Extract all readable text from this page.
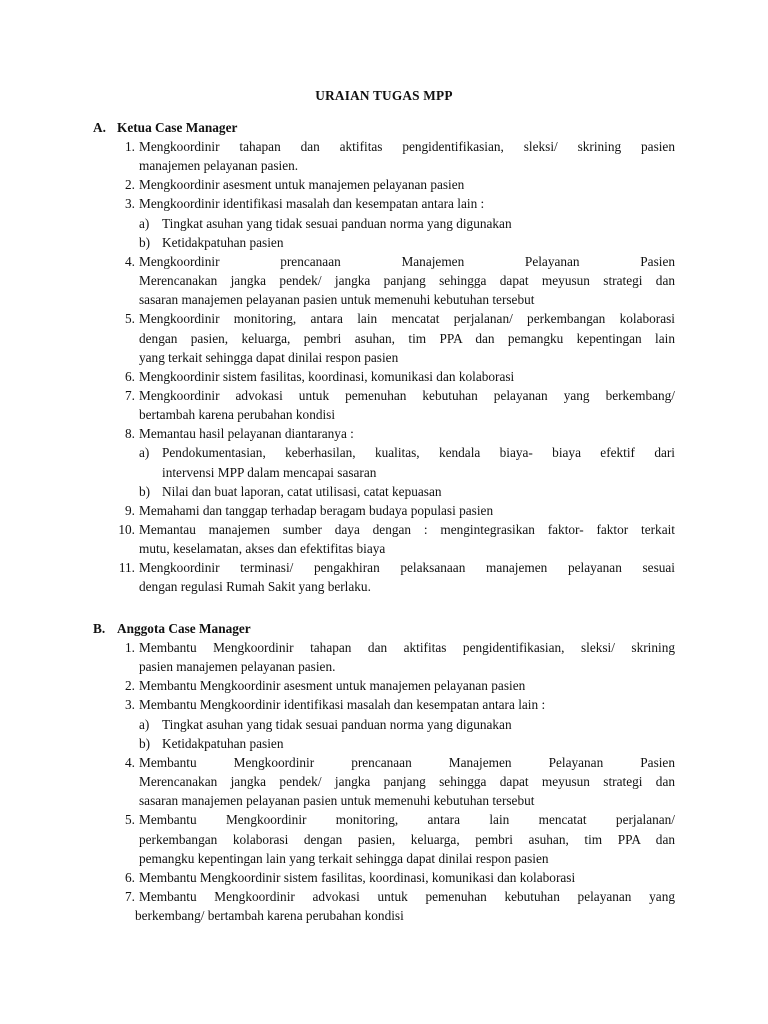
URAIAN TUGAS MPP
A. Ketua Case Manager
1. Mengkoordinir tahapan dan aktifitas pengidentifikasian, sleksi/ skrining pasien
manajemen pelayanan pasien.
2. Mengkoordinir asesment untuk manajemen pelayanan pasien
3. Mengkoordinir identifikasi masalah dan kesempatan antara lain :
a) Tingkat asuhan yang tidak sesuai panduan norma yang digunakan
b) Ketidakpatuhan pasien
4. Mengkoordinir prencanaan Manajemen Pelayanan Pasien
Merencanakan jangka pendek/ jangka panjang sehingga dapat meyusun strategi dan
sasaran manajemen pelayanan pasien untuk memenuhi kebutuhan tersebut
5. Mengkoordinir monitoring, antara lain mencatat perjalanan/ perkembangan kolaborasi
dengan pasien, keluarga, pembri asuhan, tim PPA dan pemangku kepentingan lain
yang terkait sehingga dapat dinilai respon pasien
6. Mengkoordinir sistem fasilitas, koordinasi, komunikasi dan kolaborasi
7. Mengkoordinir advokasi untuk pemenuhan kebutuhan pelayanan yang berkembang/
bertambah karena perubahan kondisi
8. Memantau hasil pelayanan diantaranya :
a) Pendokumentasian, keberhasilan, kualitas, kendala biaya- biaya efektif dari
intervensi MPP dalam mencapai sasaran
b) Nilai dan buat laporan, catat utilisasi, catat kepuasan
9. Memahami dan tanggap terhadap beragam budaya populasi pasien
10. Memantau manajemen sumber daya dengan : mengintegrasikan faktor- faktor terkait
mutu, keselamatan, akses dan efektifitas biaya
11. Mengkoordinir terminasi/ pengakhiran pelaksanaan manajemen pelayanan sesuai
dengan regulasi Rumah Sakit yang berlaku.
B. Anggota Case Manager
1. Membantu Mengkoordinir tahapan dan aktifitas pengidentifikasian, sleksi/ skrining
pasien manajemen pelayanan pasien.
2. Membantu Mengkoordinir asesment untuk manajemen pelayanan pasien
3. Membantu Mengkoordinir identifikasi masalah dan kesempatan antara lain :
a) Tingkat asuhan yang tidak sesuai panduan norma yang digunakan
b) Ketidakpatuhan pasien
4. Membantu Mengkoordinir prencanaan Manajemen Pelayanan Pasien
Merencanakan jangka pendek/ jangka panjang sehingga dapat meyusun strategi dan
sasaran manajemen pelayanan pasien untuk memenuhi kebutuhan tersebut
5. Membantu Mengkoordinir monitoring, antara lain mencatat perjalanan/
perkembangan kolaborasi dengan pasien, keluarga, pembri asuhan, tim PPA dan
pemangku kepentingan lain yang terkait sehingga dapat dinilai respon pasien
6. Membantu Mengkoordinir sistem fasilitas, koordinasi, komunikasi dan kolaborasi
7. Membantu Mengkoordinir advokasi untuk pemenuhan kebutuhan pelayanan yang
berkembang/ bertambah karena perubahan kondisi
